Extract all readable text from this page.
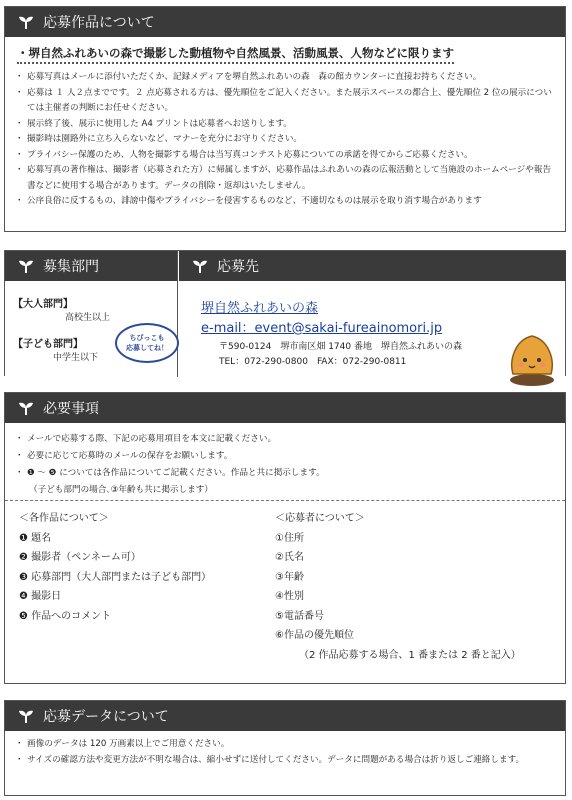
応募作品について
・堺自然ふれあいの森で撮影した動植物や自然風景、活動風景、人物などに限ります
・ 応募写真はメールに添付いただくか、記録メディアを堺自然ふれあいの森　森の館カウンターに直接お持ちください。
・ 応募は １ 人２点までです。２ 点応募される方は、優先順位をご記入ください。また展示スペースの都合上、優先順位 2 位の展示については主催者の判断にお任せください。
・ 展示終了後、展示に使用した A4 プリントは応募者へお送りします。
・ 撮影時は園路外に立ち入らないなど、マナーを充分にお守りください。
・ プライバシー保護のため、人物を撮影する場合は当写真コンテスト応募についての承諾を得てからご応募ください。
・ 応募写真の著作権は、撮影者（応募された方）に帰属しますが、応募作品はふれあいの森の広報活動として当施設のホームページや報告書などに使用する場合があります。データの削除・返却はいたしません。
・ 公序良俗に反するもの、誹謗中傷やプライバシーを侵害するものなど、不適切なものは展示を取り消す場合があります
募集部門	応募先
【大人部門】
高校生以上
【子ども部門】
中学生以下
ちびっこも
応募してね！
堺自然ふれあいの森
e-mail：event@sakai-fureainomori.jp
〒590-0124　堺市南区畑 1740 番地　堺自然ふれあいの森
TEL：072-290-0800　FAX：072-290-0811
必要事項
・ メールで応募する際、下記の応募用項目を本文に記載ください。
・ 必要に応じて応募時のメールの保存をお願いします。
・ ❶ ～ ❺ については各作品についてご記載ください。作品と共に掲示します。
（子ども部門の場合､③年齢も共に掲示します）
＜各作品について＞
❶ 題名
❷ 撮影者（ペンネーム可）
❸ 応募部門（大人部門または子ども部門）
❹ 撮影日
❺ 作品へのコメント
＜応募者について＞
①住所
②氏名
③年齢
④性別
⑤電話番号
⑥作品の優先順位
（2 作品応募する場合、1 番または 2 番と記入）
応募データについて
・ 画像のデータは 120 万画素以上でご用意ください。
・ サイズの確認方法や変更方法が不明な場合は、縮小せずに送付してください。データに問題がある場合は折り返しご連絡します。
